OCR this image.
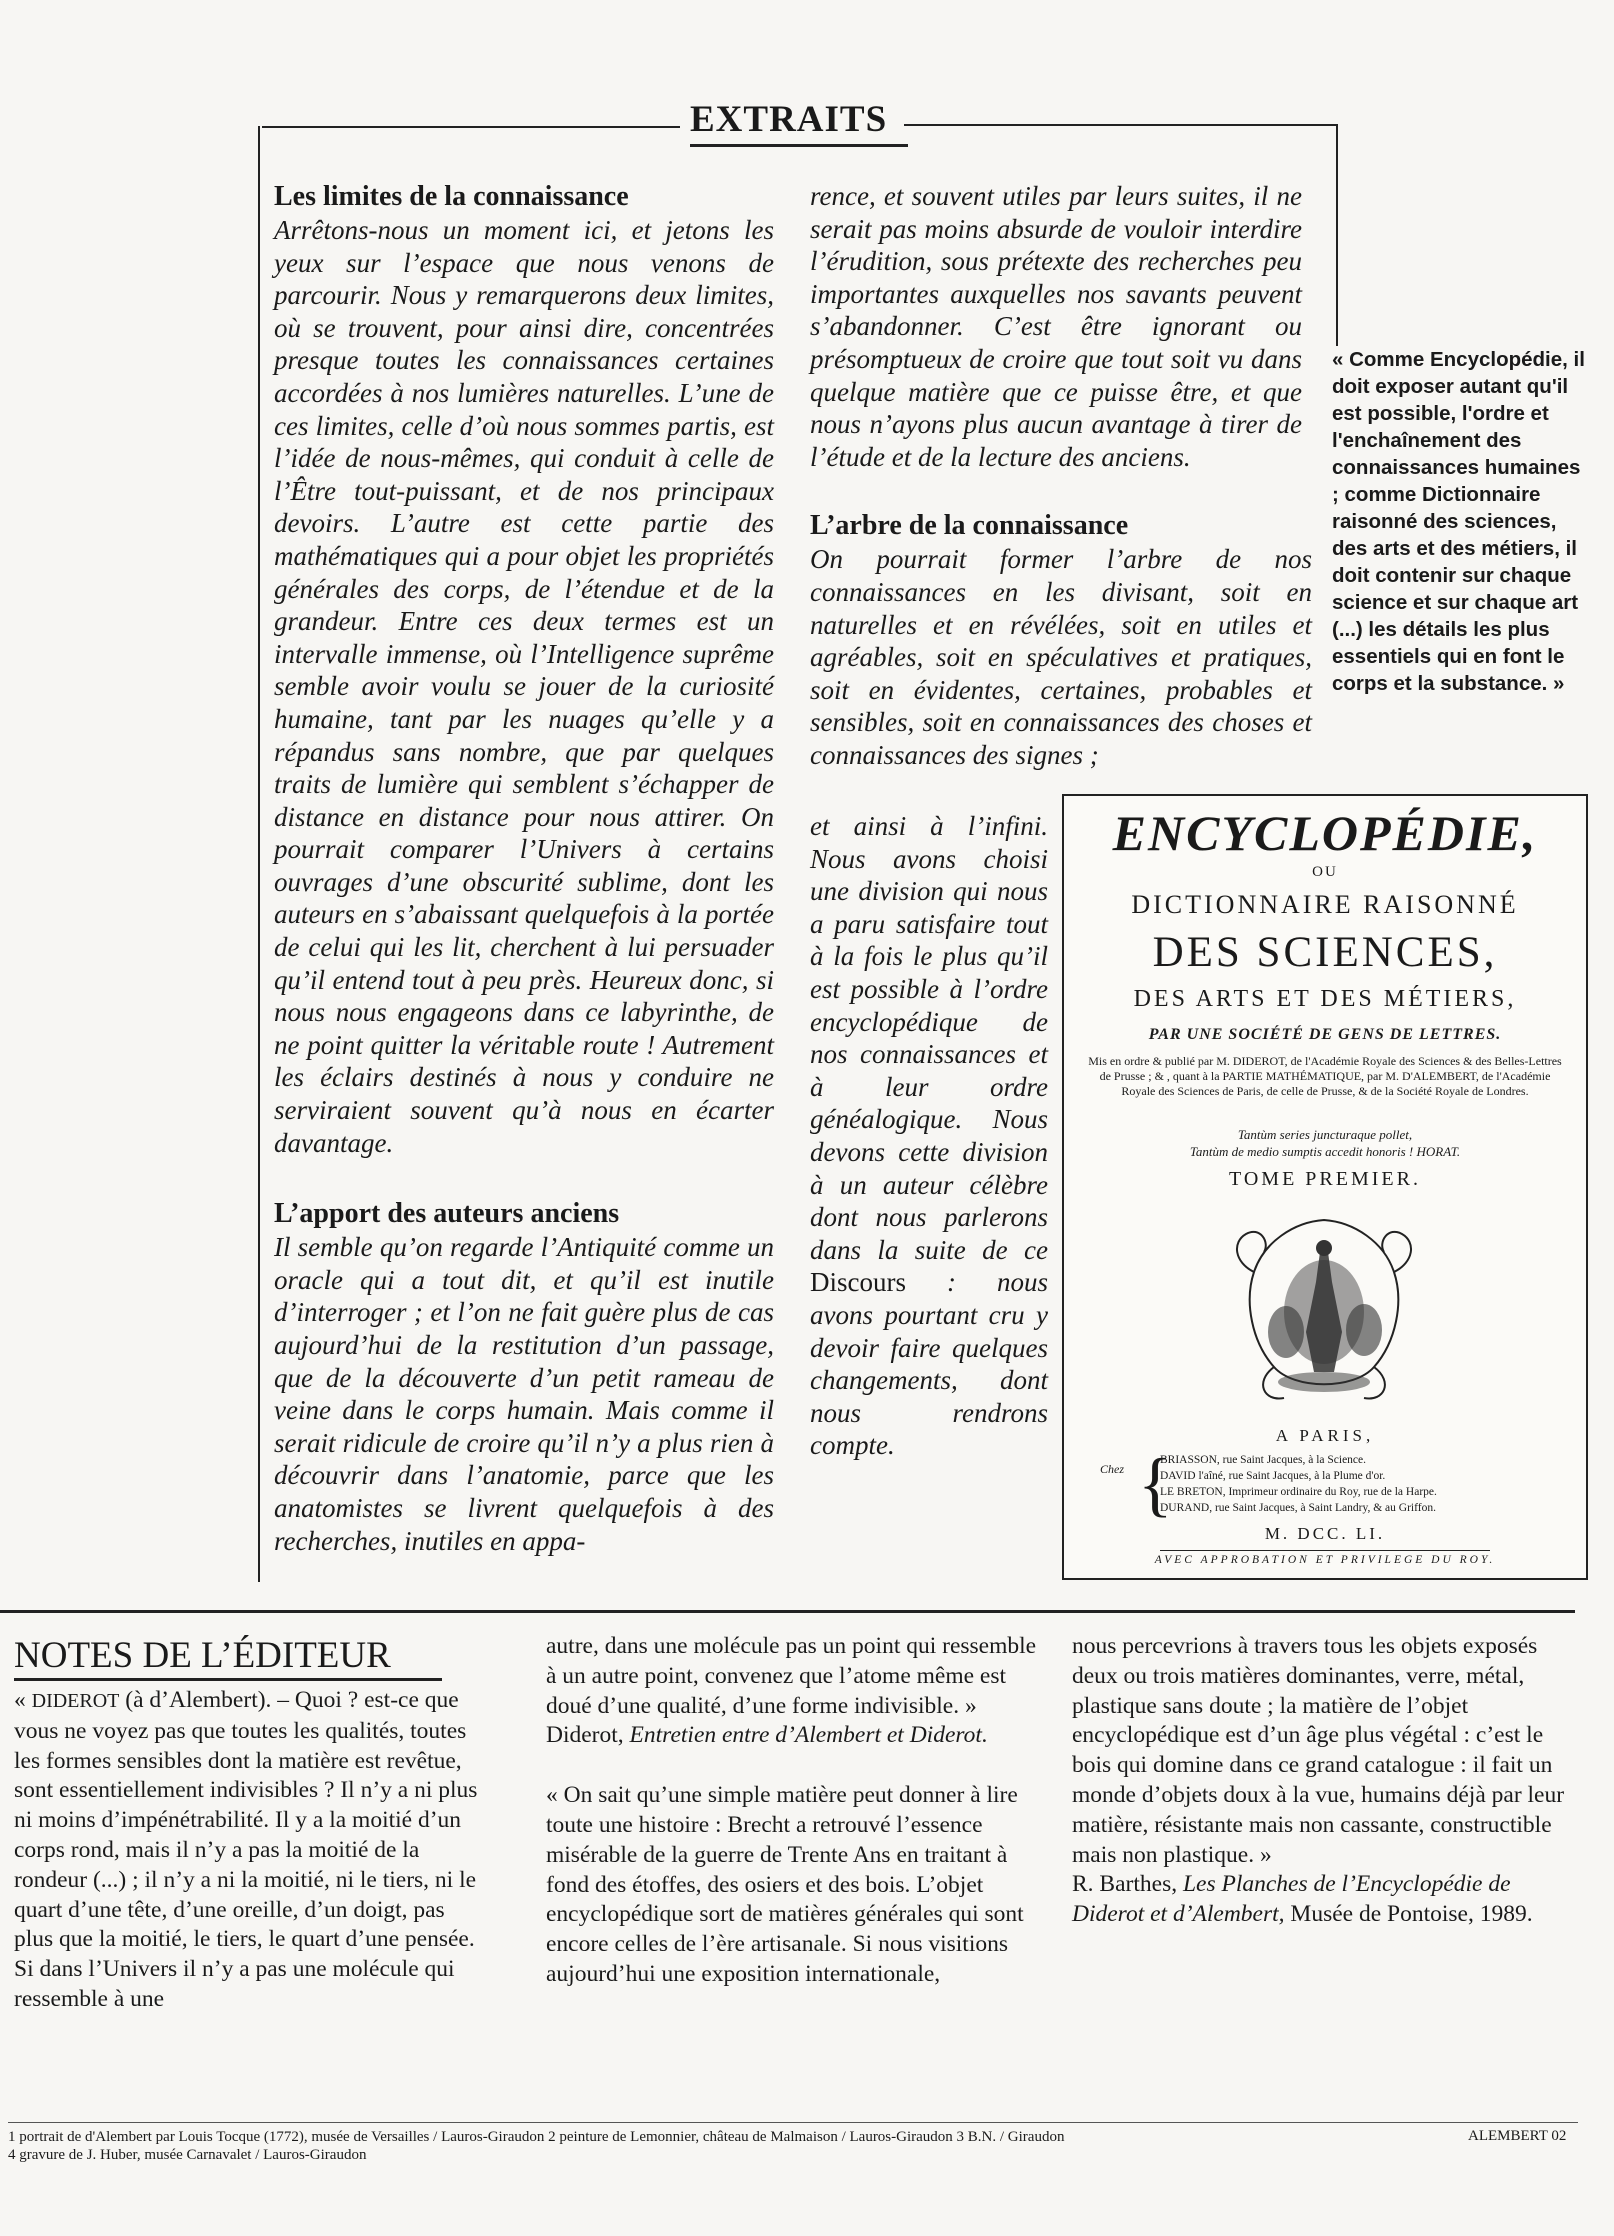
EXTRAITS
Les limites de la connaissance

Arrêtons-nous un moment ici, et jetons les yeux sur l’espace que nous venons de parcourir. Nous y remarquerons deux limites, où se trouvent, pour ainsi dire, concentrées presque toutes les connaissances certaines accordées à nos lumières naturelles. L’une de ces limites, celle d’où nous sommes partis, est l’idée de nous-mêmes, qui conduit à celle de l’Être tout-puissant, et de nos principaux devoirs. L’autre est cette partie des mathématiques qui a pour objet les propriétés générales des corps, de l’étendue et de la grandeur. Entre ces deux termes est un intervalle immense, où l’Intelligence suprême semble avoir voulu se jouer de la curiosité humaine, tant par les nuages qu’elle y a répandus sans nombre, que par quelques traits de lumière qui semblent s’échapper de distance en distance pour nous attirer. On pourrait comparer l’Univers à certains ouvrages d’une obscurité sublime, dont les auteurs en s’abaissant quelquefois à la portée de celui qui les lit, cherchent à lui persuader qu’il entend tout à peu près. Heureux donc, si nous nous engageons dans ce labyrinthe, de ne point quitter la véritable route ! Autrement les éclairs destinés à nous y conduire ne serviraient souvent qu’à nous en écarter davantage.

L’apport des auteurs anciens

Il semble qu’on regarde l’Antiquité comme un oracle qui a tout dit, et qu’il est inutile d’interroger ; et l’on ne fait guère plus de cas aujourd’hui de la restitution d’un passage, que de la découverte d’un petit rameau de veine dans le corps humain. Mais comme il serait ridicule de croire qu’il n’y a plus rien à découvrir dans l’anatomie, parce que les anatomistes se livrent quelquefois à des recherches, inutiles en appa-

rence, et souvent utiles par leurs suites, il ne serait pas moins absurde de vouloir interdire l’érudition, sous prétexte des recherches peu importantes auxquelles nos savants peuvent s’abandonner. C’est être ignorant ou présomptueux de croire que tout soit vu dans quelque matière que ce puisse être, et que nous n’ayons plus aucun avantage à tirer de l’étude et de la lecture des anciens.

L’arbre de la connaissance

On pourrait former l’arbre de nos connaissances en les divisant, soit en naturelles et en révélées, soit en utiles et agréables, soit en spéculatives et pratiques, soit en évidentes, certaines, probables et sensibles, soit en connaissances des choses et connaissances des signes ;

et ainsi à l’infini. Nous avons choisi une division qui nous a paru satisfaire tout à la fois le plus qu’il est possible à l’ordre encyclopédique de nos connaissances et à leur ordre généalogique. Nous devons cette division à un auteur célèbre dont nous parlerons dans la suite de ce Discours : nous avons pourtant cru y devoir faire quelques changements, dont nous rendrons compte.

« Comme Encyclopédie, il doit exposer autant qu'il est possible, l'ordre et l'enchaînement des connaissances humaines ; comme Dictionnaire raisonné des sciences, des arts et des métiers, il doit contenir sur chaque science et sur chaque art (...) les détails les plus essentiels qui en font le corps et la substance. »
ENCYCLOPÉDIE,
OU
DICTIONNAIRE RAISONNÉ
DES SCIENCES,
DES ARTS ET DES MÉTIERS,
PAR UNE SOCIÉTÉ DE GENS DE LETTRES.
Mis en ordre & publié par M. DIDEROT, de l'Académie Royale des Sciences & des Belles-Lettres de Prusse ; & , quant à la PARTIE MATHÉMATIQUE, par M. D'ALEMBERT, de l'Académie Royale des Sciences de Paris, de celle de Prusse, & de la Société Royale de Londres.
Tantùm series juncturaque pollet,
Tantùm de medio sumptis accedit honoris ! HORAT.
TOME PREMIER.
A PARIS,
Chez {
BRIASSON, rue Saint Jacques, à la Science.
DAVID l'aîné, rue Saint Jacques, à la Plume d'or.
LE BRETON, Imprimeur ordinaire du Roy, rue de la Harpe.
DURAND, rue Saint Jacques, à Saint Landry, & au Griffon.
M. DCC. LI.
AVEC APPROBATION ET PRIVILEGE DU ROY.
NOTES DE L’ÉDITEUR

« DIDEROT (à d’Alembert). – Quoi ? est-ce que vous ne voyez pas que toutes les qualités, toutes les formes sensibles dont la matière est revêtue, sont essentiellement indivisibles ? Il n’y a ni plus ni moins d’impénétrabilité. Il y a la moitié d’un corps rond, mais il n’y a pas la moitié de la rondeur (...) ; il n’y a ni la moitié, ni le tiers, ni le quart d’une tête, d’une oreille, d’un doigt, pas plus que la moitié, le tiers, le quart d’une pensée. Si dans l’Univers il n’y a pas une molécule qui ressemble à une

autre, dans une molécule pas un point qui ressemble à un autre point, convenez que l’atome même est doué d’une qualité, d’une forme indivisible. » Diderot, Entretien entre d’Alembert et Diderot.

« On sait qu’une simple matière peut donner à lire toute une histoire : Brecht a retrouvé l’essence misérable de la guerre de Trente Ans en traitant à fond des étoffes, des osiers et des bois. L’objet encyclopédique sort de matières générales qui sont encore celles de l’ère artisanale. Si nous visitions aujourd’hui une exposition internationale,

nous percevrions à travers tous les objets exposés deux ou trois matières dominantes, verre, métal, plastique sans doute ; la matière de l’objet encyclopédique est d’un âge plus végétal : c’est le bois qui domine dans ce grand catalogue : il fait un monde d’objets doux à la vue, humains déjà par leur matière, résistante mais non cassante, constructible mais non plastique. »
R. Barthes, Les Planches de l’Encyclopédie de Diderot et d’Alembert, Musée de Pontoise, 1989.

1 portrait de d'Alembert par Louis Tocque (1772), musée de Versailles / Lauros-Giraudon 2 peinture de Lemonnier, château de Malmaison / Lauros-Giraudon 3 B.N. / Giraudon
4 gravure de J. Huber, musée Carnavalet / Lauros-Giraudon
ALEMBERT 02
